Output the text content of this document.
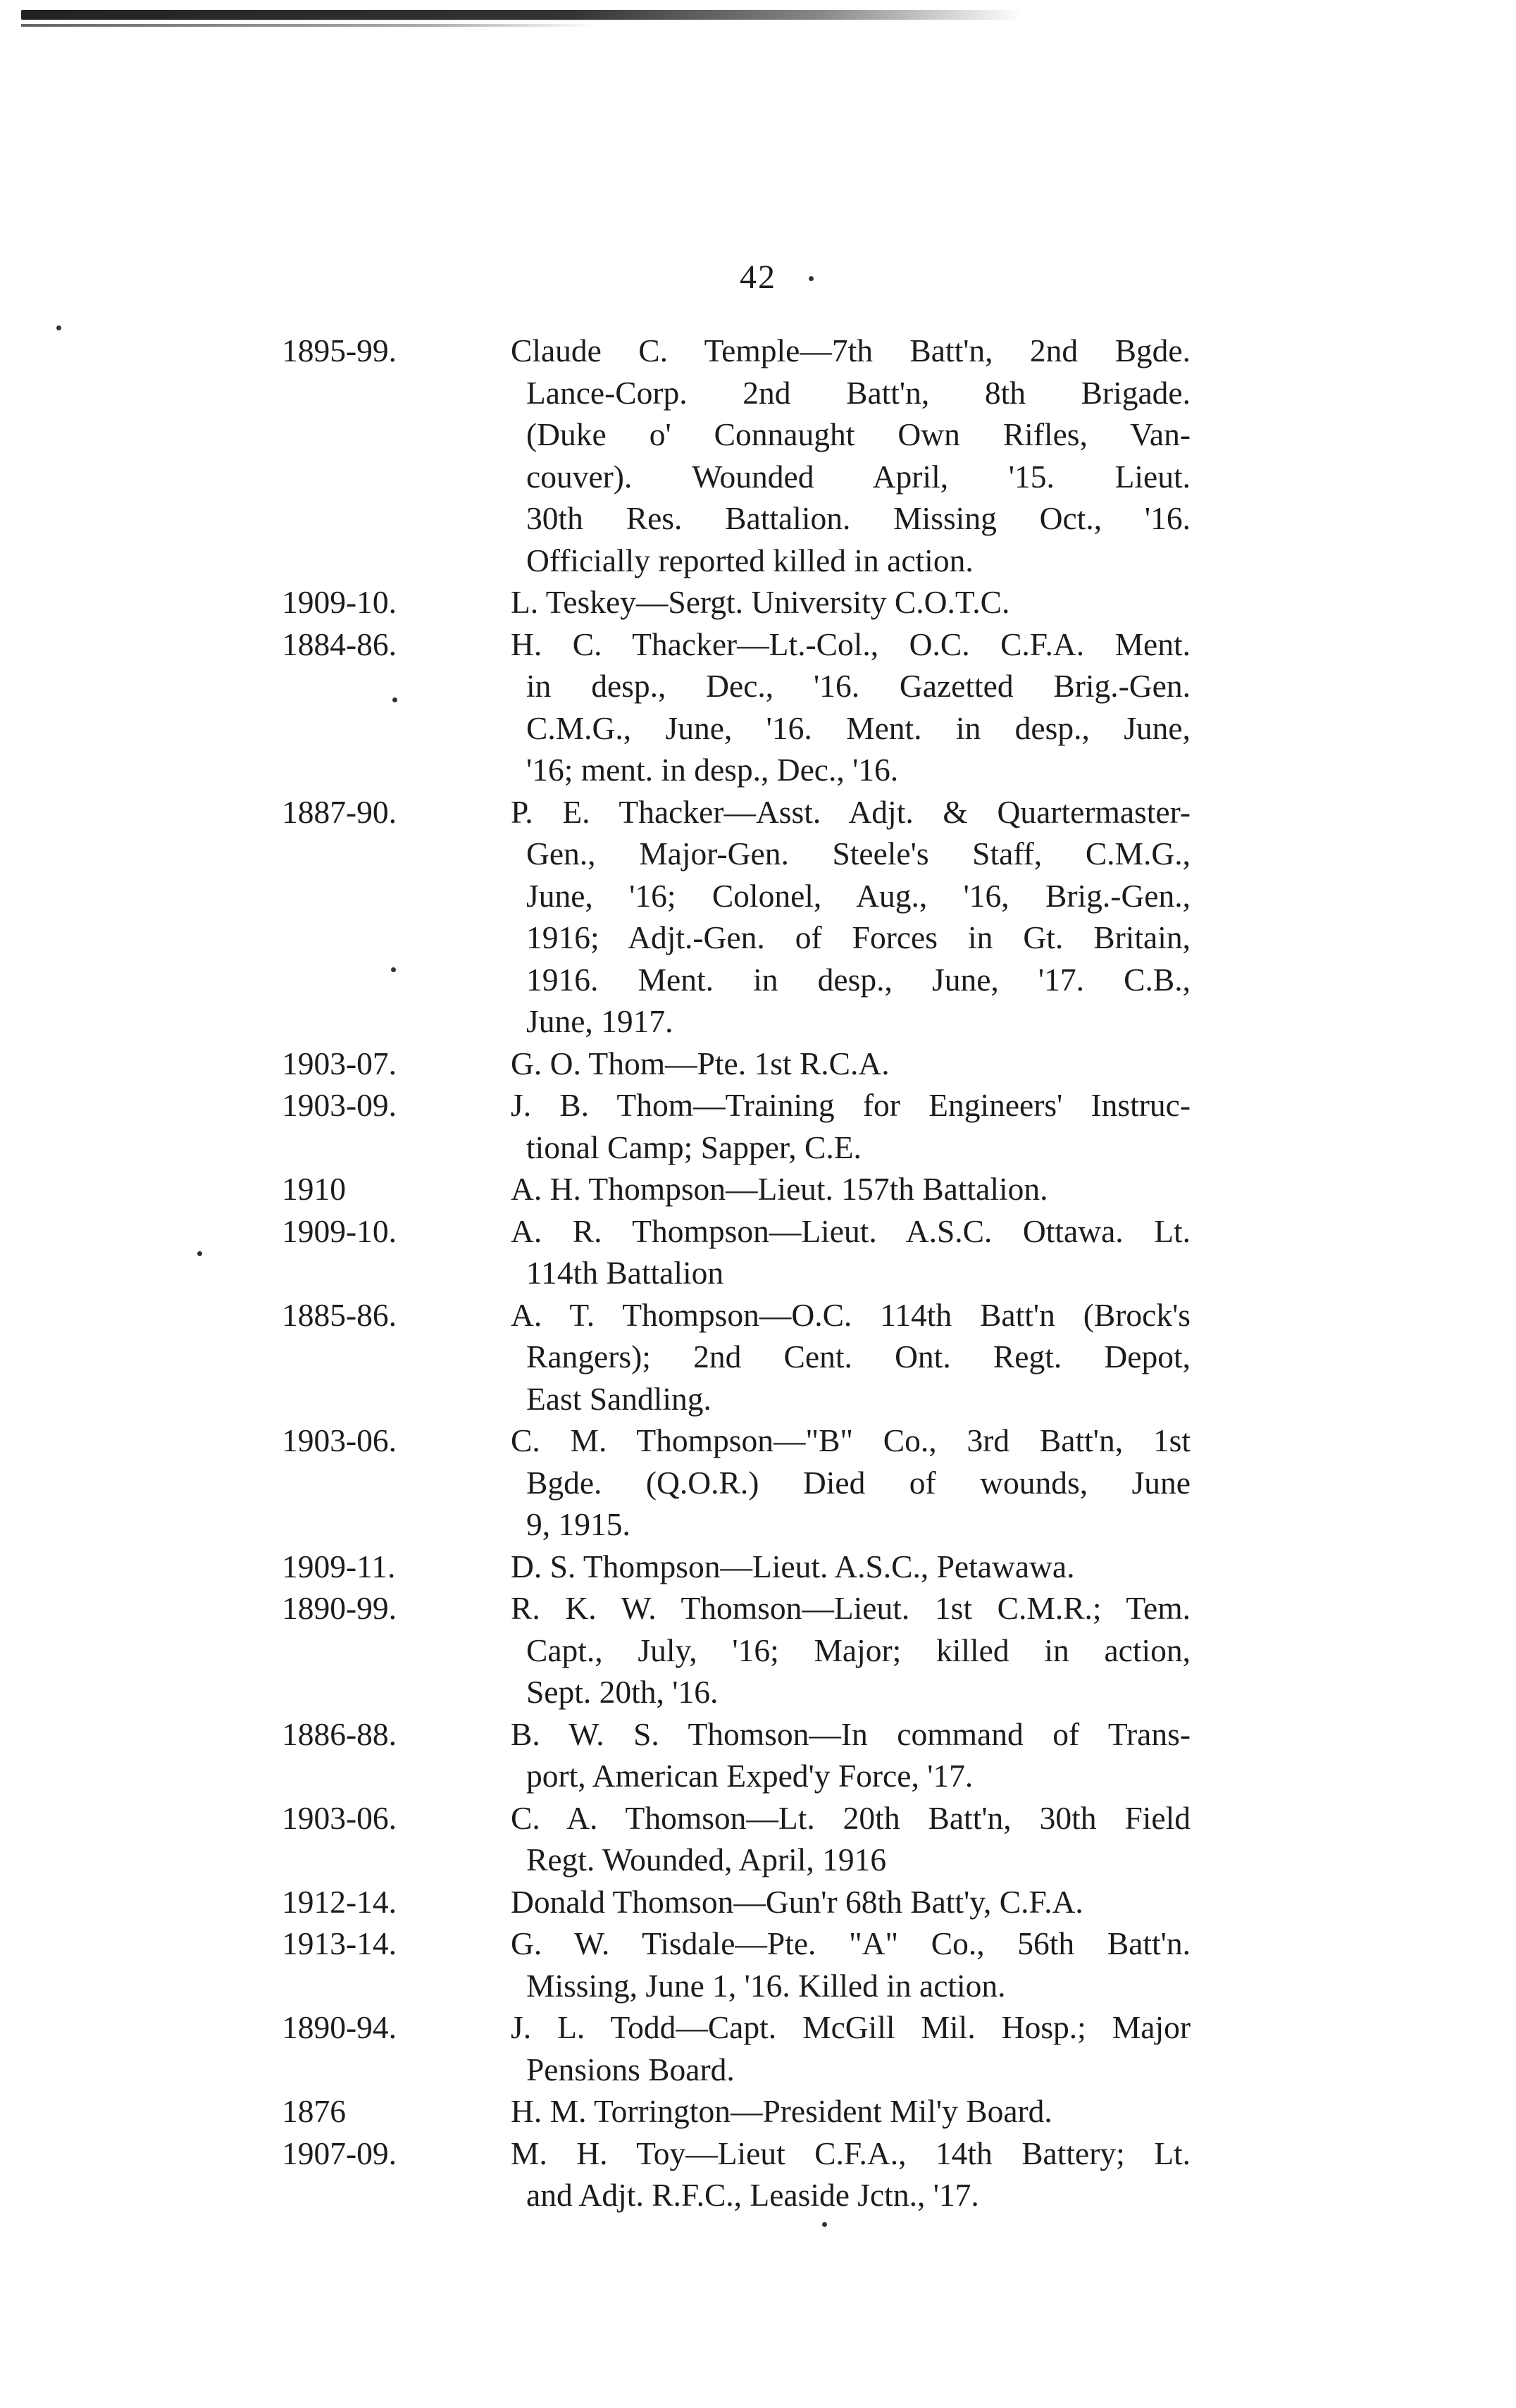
42
1895-99.	Claude C. Temple—7th Batt'n, 2nd Bgde.
Lance-Corp. 2nd Batt'n, 8th Brigade.
(Duke o' Connaught Own Rifles, Van-
couver). Wounded April, '15. Lieut.
30th Res. Battalion. Missing Oct., '16.
Officially reported killed in action.
1909-10.	L. Teskey—Sergt. University C.O.T.C.
1884-86.	H. C. Thacker—Lt.-Col., O.C. C.F.A. Ment.
in desp., Dec., '16. Gazetted Brig.-Gen.
C.M.G., June, '16. Ment. in desp., June,
'16; ment. in desp., Dec., '16.
1887-90.	P. E. Thacker—Asst. Adjt. & Quartermaster-
Gen., Major-Gen. Steele's Staff, C.M.G.,
June, '16; Colonel, Aug., '16, Brig.-Gen.,
1916; Adjt.-Gen. of Forces in Gt. Britain,
1916. Ment. in desp., June, '17. C.B.,
June, 1917.
1903-07.	G. O. Thom—Pte. 1st R.C.A.
1903-09.	J. B. Thom—Training for Engineers' Instruc-
tional Camp; Sapper, C.E.
1910	A. H. Thompson—Lieut. 157th Battalion.
1909-10.	A. R. Thompson—Lieut. A.S.C. Ottawa. Lt.
114th Battalion
1885-86.	A. T. Thompson—O.C. 114th Batt'n (Brock's
Rangers); 2nd Cent. Ont. Regt. Depot,
East Sandling.
1903-06.	C. M. Thompson—"B" Co., 3rd Batt'n, 1st
Bgde. (Q.O.R.) Died of wounds, June
9, 1915.
1909-11.	D. S. Thompson—Lieut. A.S.C., Petawawa.
1890-99.	R. K. W. Thomson—Lieut. 1st C.M.R.; Tem.
Capt., July, '16; Major; killed in action,
Sept. 20th, '16.
1886-88.	B. W. S. Thomson—In command of Trans-
port, American Exped'y Force, '17.
1903-06.	C. A. Thomson—Lt. 20th Batt'n, 30th Field
Regt. Wounded, April, 1916
1912-14.	Donald Thomson—Gun'r 68th Batt'y, C.F.A.
1913-14.	G. W. Tisdale—Pte. "A" Co., 56th Batt'n.
Missing, June 1, '16. Killed in action.
1890-94.	J. L. Todd—Capt. McGill Mil. Hosp.; Major
Pensions Board.
1876	H. M. Torrington—President Mil'y Board.
1907-09.	M. H. Toy—Lieut C.F.A., 14th Battery; Lt.
and Adjt. R.F.C., Leaside Jctn., '17.
